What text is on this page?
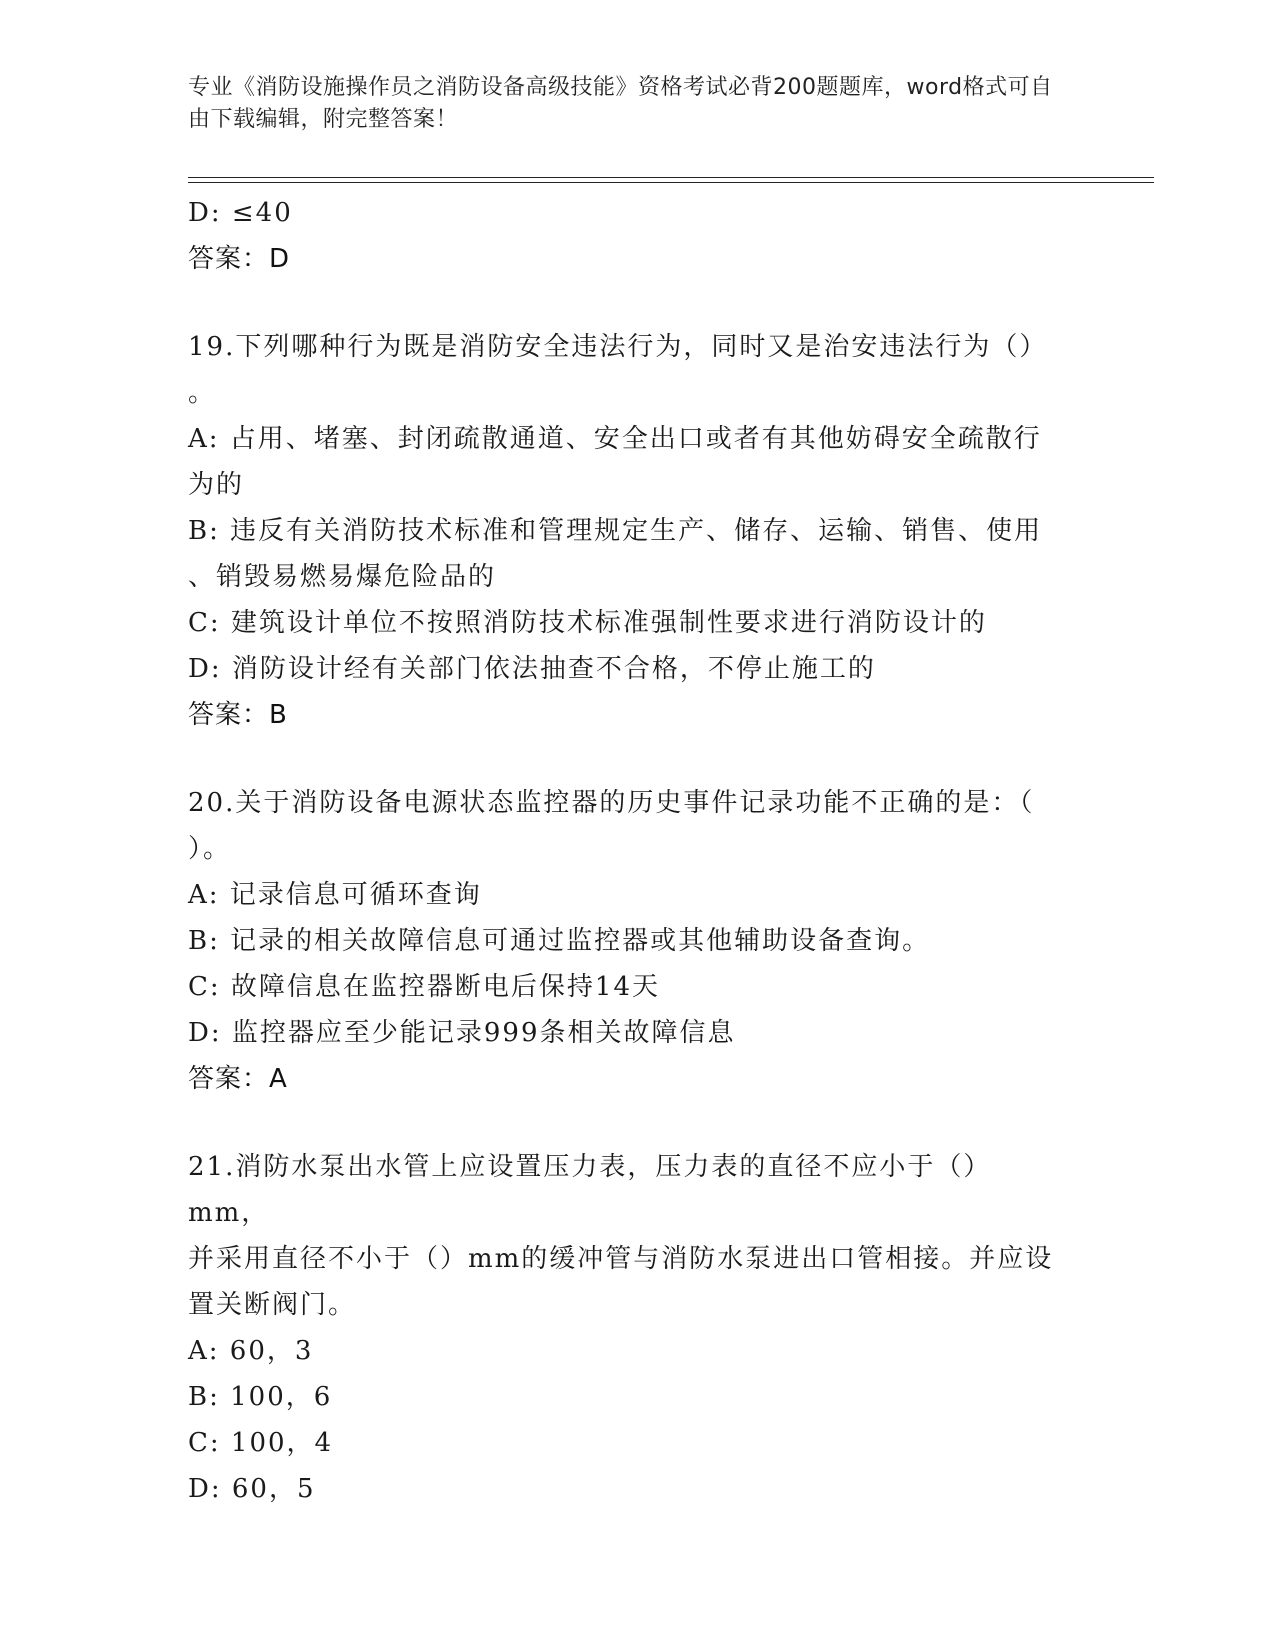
专业《消防设施操作员之消防设备高级技能》资格考试必背200题题库，word格式可自由下载编辑，附完整答案！
D: ≤40
答案：D
19.下列哪种行为既是消防安全违法行为，同时又是治安违法行为（）
。
A: 占用、堵塞、封闭疏散通道、安全出口或者有其他妨碍安全疏散行
为的
B: 违反有关消防技术标准和管理规定生产、储存、运输、销售、使用
、销毁易燃易爆危险品的
C: 建筑设计单位不按照消防技术标准强制性要求进行消防设计的
D: 消防设计经有关部门依法抽查不合格，不停止施工的
答案：B
20.关于消防设备电源状态监控器的历史事件记录功能不正确的是：（
）。
A: 记录信息可循环查询
B: 记录的相关故障信息可通过监控器或其他辅助设备查询。
C: 故障信息在监控器断电后保持14天
D: 监控器应至少能记录999条相关故障信息
答案：A
21.消防水泵出水管上应设置压力表，压力表的直径不应小于（）mm，
并采用直径不小于（）mm的缓冲管与消防水泵进出口管相接。并应设
置关断阀门。
A: 60，3
B: 100，6
C: 100，4
D: 60，5
